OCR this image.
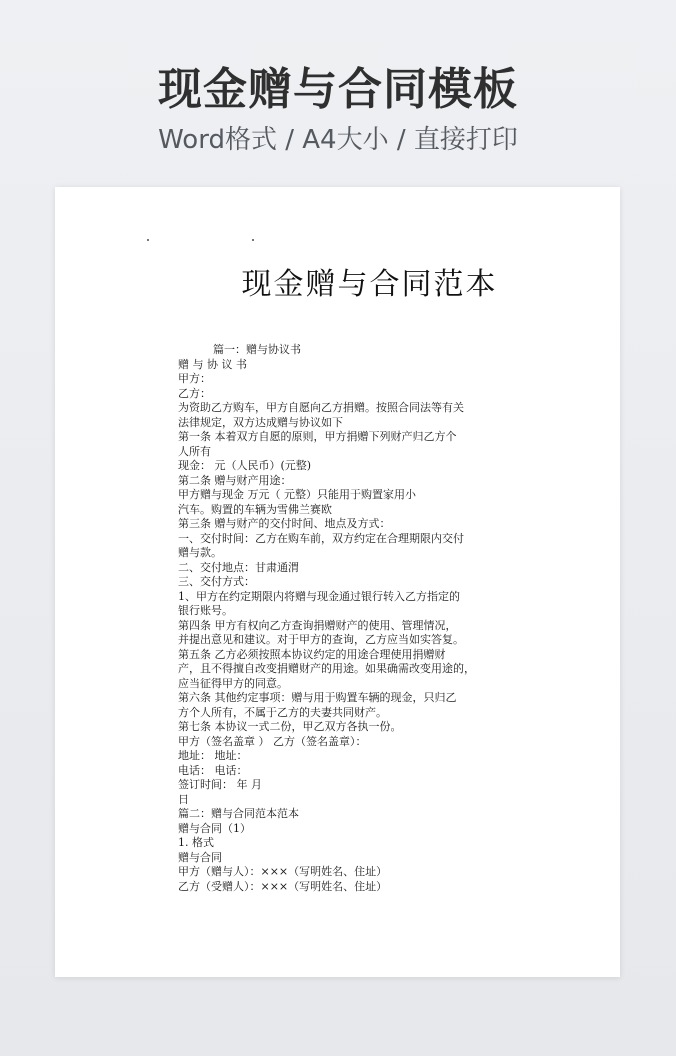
现金赠与合同模板
Word格式 / A4大小 / 直接打印
现金赠与合同范本
篇一：赠与协议书
赠 与 协 议 书
甲方：
乙方：
为资助乙方购车，甲方自愿向乙方捐赠。按照合同法等有关
法律规定，双方达成赠与协议如下
第一条 本着双方自愿的原则，甲方捐赠下列财产归乙方个
人所有
现金： 元（人民币）(元整)
第二条 赠与财产用途：
甲方赠与现金 万元（ 元整）只能用于购置家用小
汽车。购置的车辆为雪佛兰赛欧
第三条 赠与财产的交付时间、地点及方式：
一、交付时间：乙方在购车前，双方约定在合理期限内交付
赠与款。
二、交付地点：甘肃通渭
三、交付方式：
1、甲方在约定期限内将赠与现金通过银行转入乙方指定的
银行账号。
第四条 甲方有权向乙方查询捐赠财产的使用、管理情况，
并提出意见和建议。对于甲方的查询，乙方应当如实答复。
第五条 乙方必须按照本协议约定的用途合理使用捐赠财
产，且不得擅自改变捐赠财产的用途。如果确需改变用途的，
应当征得甲方的同意。
第六条 其他约定事项：赠与用于购置车辆的现金，只归乙
方个人所有，不属于乙方的夫妻共同财产。
第七条 本协议一式二份，甲乙双方各执一份。
甲方（签名盖章 ） 乙方（签名盖章）：
地址： 地址：
电话： 电话：
签订时间： 年 月
日
篇二：赠与合同范本范本
赠与合同（1）
1. 格式
赠与合同
甲方（赠与人）：×××（写明姓名、住址）
乙方（受赠人）：×××（写明姓名、住址）
